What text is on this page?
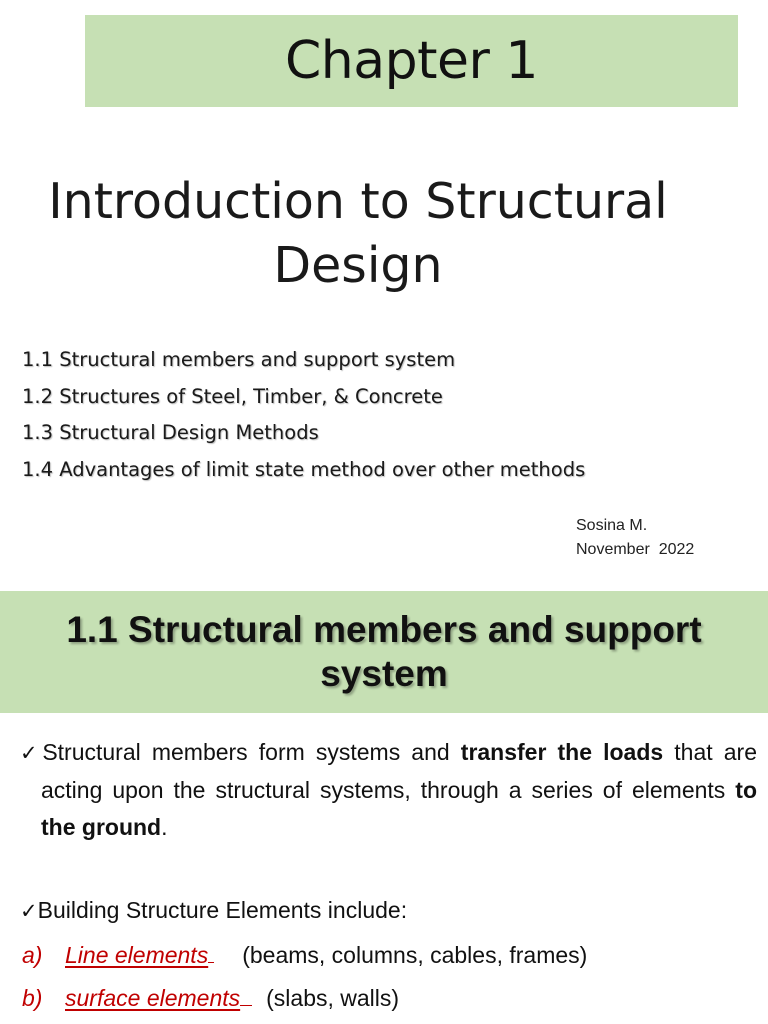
Chapter 1
Introduction to Structural
Design
1.1 Structural members and support system
1.2 Structures of Steel, Timber, & Concrete
1.3 Structural Design Methods
1.4 Advantages of limit state method over other methods
Sosina M.
November  2022
1.1 Structural members and support
system
✓Structural members form systems and transfer the loads that are acting upon the structural systems, through a series of elements to the ground.
✓Building Structure Elements include:
a) Line elements (beams, columns, cables, frames)
b) surface elements (slabs, walls)
